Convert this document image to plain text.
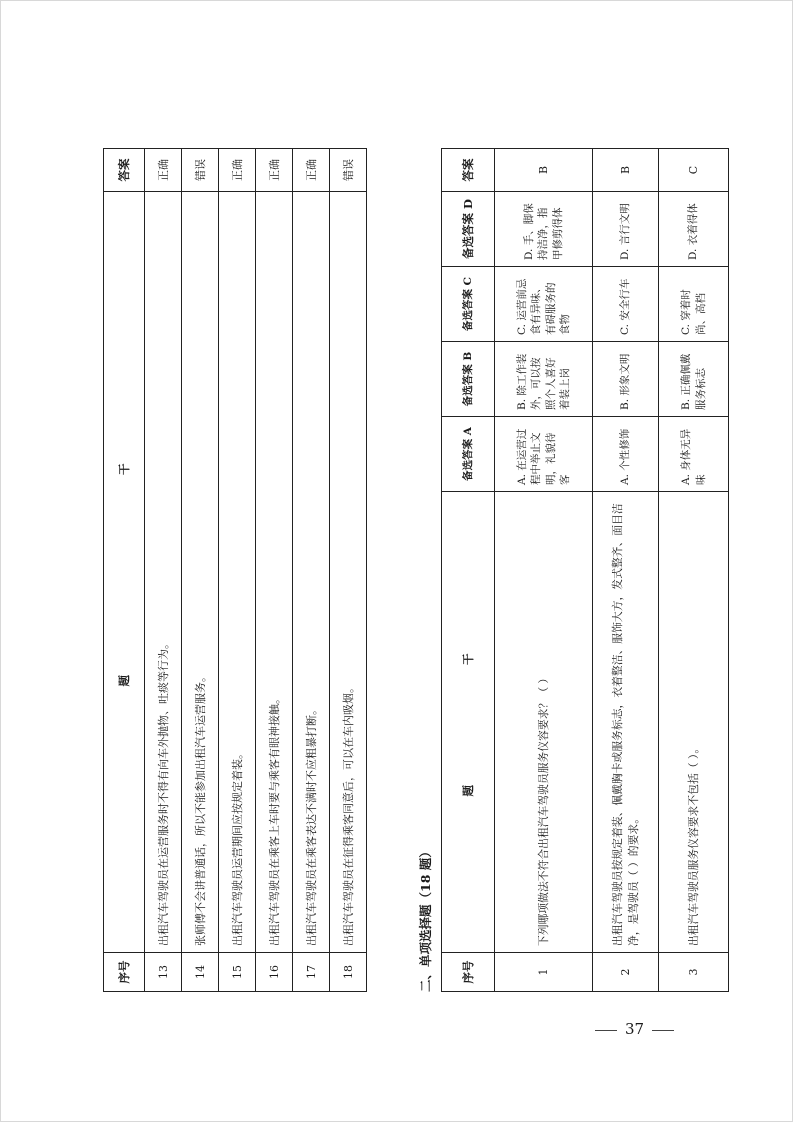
序号	题干	答案
13	出租汽车驾驶员在运营服务时不得有向车外抛物、吐痰等行为。	正确
14	张师傅不会讲普通话，所以不能参加出租汽车运营服务。	错误
15	出租汽车驾驶员运营期间应按规定着装。	正确
16	出租汽车驾驶员在乘客上车时要与乘客有眼神接触。	正确
17	出租汽车驾驶员在乘客表达不满时不应粗暴打断。	正确
18	出租汽车驾驶员在征得乘客同意后，可以在车内吸烟。	错误
二、单项选择题（18 题） 序号	题干	备选答案 A	备选答案 B	备选答案 C	备选答案 D	答案
1	下列哪项做法不符合出租汽车驾驶员服务仪容要求？（ ）	A. 在运营过程中举止文明，礼貌待客	B. 除工作装外，可以按照个人喜好着装上岗	C. 运营前忌食有异味、有碍服务的食物	D. 手、脚保持洁净，指甲修剪得体	B
2	出租汽车驾驶员按规定着装、佩戴胸卡或服务标志，衣着整洁、服饰大方，发式整齐、面目洁净，是驾驶员（ ）的要求。	A. 个性修饰	B. 形象文明	C. 安全行车	D. 言行文明	B
3	出租汽车驾驶员服务仪容要求不包括（ ）。	A. 身体无异味	B. 正确佩戴服务标志	C. 穿着时尚、高档	D. 衣着得体	C
37
